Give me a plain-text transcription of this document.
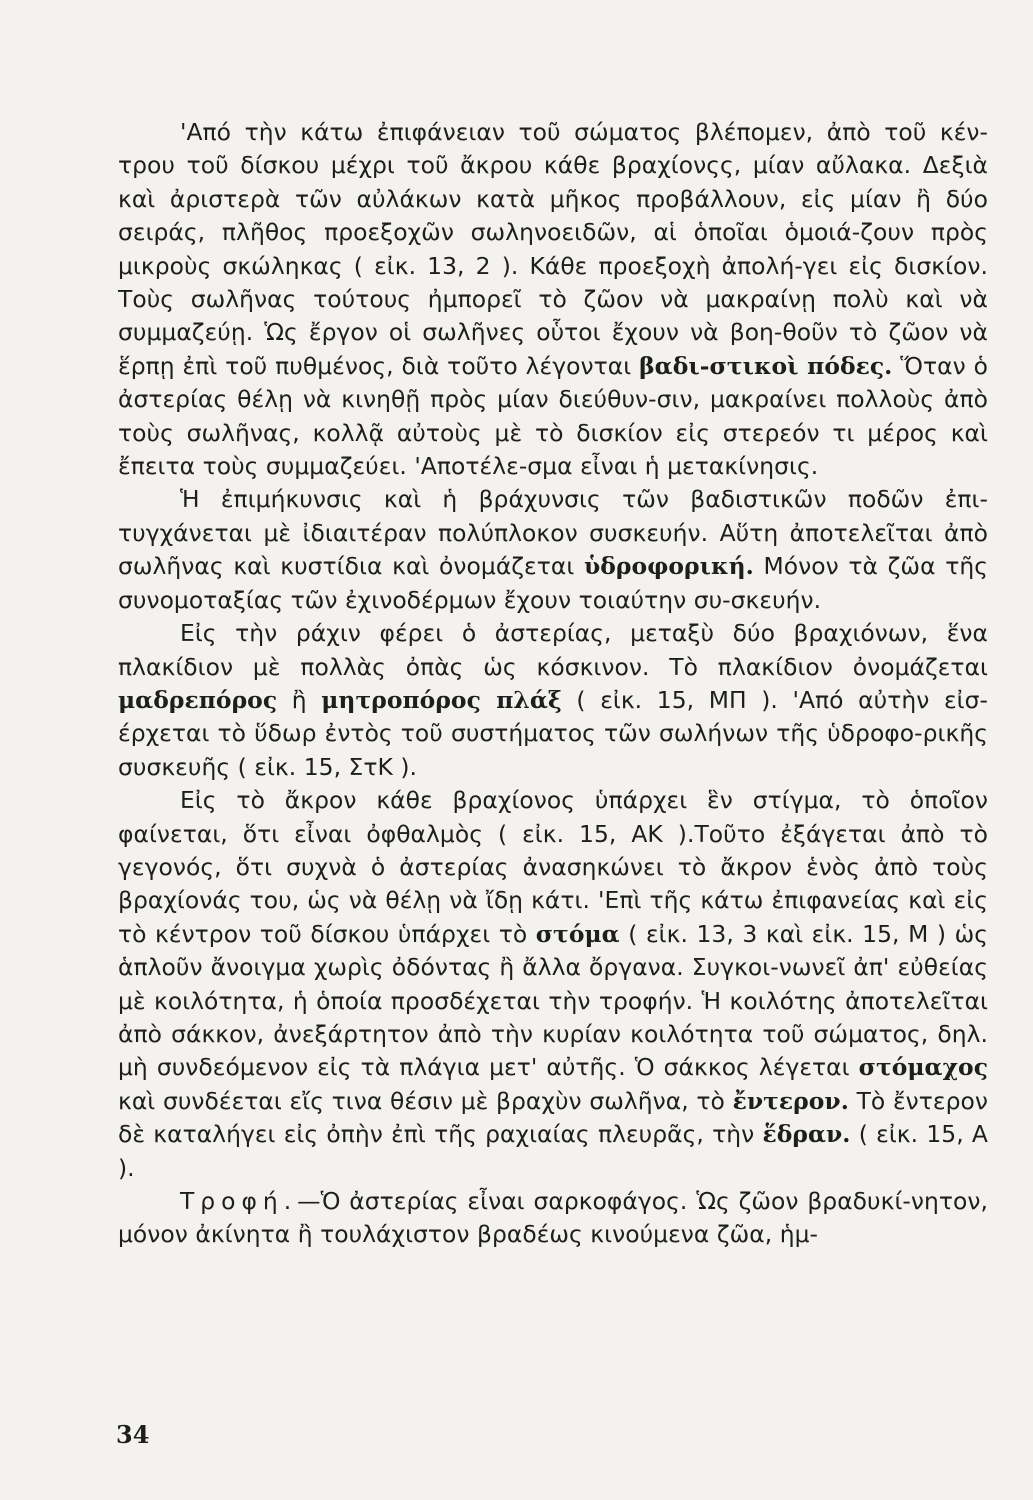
'Από τὴν κάτω ἐπιφάνειαν τοῦ σώματος βλέπομεν, ἀπὸ τοῦ κέν-τρου τοῦ δίσκου μέχρι τοῦ ἄκρου κάθε βραχίονςς, μίαν αὔλακα. Δεξιὰ καὶ ἀριστερὰ τῶν αὐλάκων κατὰ μῆκος προβάλλουν, εἰς μίαν ἢ δύο σειράς, πλῆθος προεξοχῶν σωληνοειδῶν, αἱ ὁποῖαι ὁμοιά-ζουν πρὸς μικροὺς σκώληκας ( εἰκ. 13, 2 ). Κάθε προεξοχὴ ἀπολή-γει εἰς δισκίον. Τοὺς σωλῆνας τούτους ἠμπορεῖ τὸ ζῶον νὰ μακραίνῃ πολὺ καὶ νὰ συμμαζεύῃ. Ὡς ἔργον οἱ σωλῆνες οὗτοι ἔχουν νὰ βοη-θοῦν τὸ ζῶον νὰ ἕρπῃ ἐπὶ τοῦ πυθμένος, διὰ τοῦτο λέγονται βαδι-στικοὶ πόδες. Ὅταν ὁ ἀστερίας θέλῃ νὰ κινηθῇ πρὸς μίαν διεύθυν-σιν, μακραίνει πολλοὺς ἀπὸ τοὺς σωλῆνας, κολλᾷ αὐτοὺς μὲ τὸ δισκίον εἰς στερεόν τι μέρος καὶ ἔπειτα τοὺς συμμαζεύει. 'Αποτέλε-σμα εἶναι ἡ μετακίνησις.

Ἡ ἐπιμήκυνσις καὶ ἡ βράχυνσις τῶν βαδιστικῶν ποδῶν ἐπι-τυγχάνεται μὲ ἰδιαιτέραν πολύπλοκον συσκευήν. Αὕτη ἀποτελεῖται ἀπὸ σωλῆνας καὶ κυστίδια καὶ ὀνομάζεται ὑδροφορική. Μόνον τὰ ζῶα τῆς συνομοταξίας τῶν ἐχινοδέρμων ἔχουν τοιαύτην συ-σκευήν.

Εἰς τὴν ράχιν φέρει ὁ ἀστερίας, μεταξὺ δύο βραχιόνων, ἕνα πλακίδιον μὲ πολλὰς ὀπὰς ὡς κόσκινον. Τὸ πλακίδιον ὀνομάζεται μαδρεπόρος ἢ μητροπόρος πλάξ ( εἰκ. 15, ΜΠ ). 'Από αὐτὴν εἰσ-έρχεται τὸ ὕδωρ ἐντὸς τοῦ συστήματος τῶν σωλήνων τῆς ὑδροφο-ρικῆς συσκευῆς ( εἰκ. 15, ΣτΚ ).

Εἰς τὸ ἄκρον κάθε βραχίονος ὑπάρχει ἓν στίγμα, τὸ ὁποῖον φαίνεται, ὅτι εἶναι ὀφθαλμὸς ( εἰκ. 15, ΑΚ ).Τοῦτο ἐξάγεται ἀπὸ τὸ γεγονός, ὅτι συχνὰ ὁ ἀστερίας ἀνασηκώνει τὸ ἄκρον ἑνὸς ἀπὸ τοὺς βραχίονάς του, ὡς νὰ θέλῃ νὰ ἴδῃ κάτι. 'Επὶ τῆς κάτω ἐπιφανείας καὶ εἰς τὸ κέντρον τοῦ δίσκου ὑπάρχει τὸ στόμα ( εἰκ. 13, 3 καὶ εἰκ. 15, Μ ) ὡς ἁπλοῦν ἄνοιγμα χωρὶς ὀδόντας ἢ ἄλλα ὄργανα. Συγκοι-νωνεῖ ἀπ' εὐθείας μὲ κοιλότητα, ἡ ὁποία προσδέχεται τὴν τροφήν. Ἡ κοιλότης ἀποτελεῖται ἀπὸ σάκκον, ἀνεξάρτητον ἀπὸ τὴν κυρίαν κοιλότητα τοῦ σώματος, δηλ. μὴ συνδεόμενον εἰς τὰ πλάγια μετ' αὐτῆς. Ὁ σάκκος λέγεται στόμαχος καὶ συνδέεται εἴς τινα θέσιν μὲ βραχὺν σωλῆνα, τὸ ἔντερον. Τὸ ἔντερον δὲ καταλήγει εἰς ὀπὴν ἐπὶ τῆς ραχιαίας πλευρᾶς, τὴν ἕδραν. ( εἰκ. 15, Α ).

Τροφή.—Ὁ ἀστερίας εἶναι σαρκοφάγος. Ὡς ζῶον βραδυκί-νητον, μόνον ἀκίνητα ἢ τουλάχιστον βραδέως κινούμενα ζῶα, ἡμ-

34
